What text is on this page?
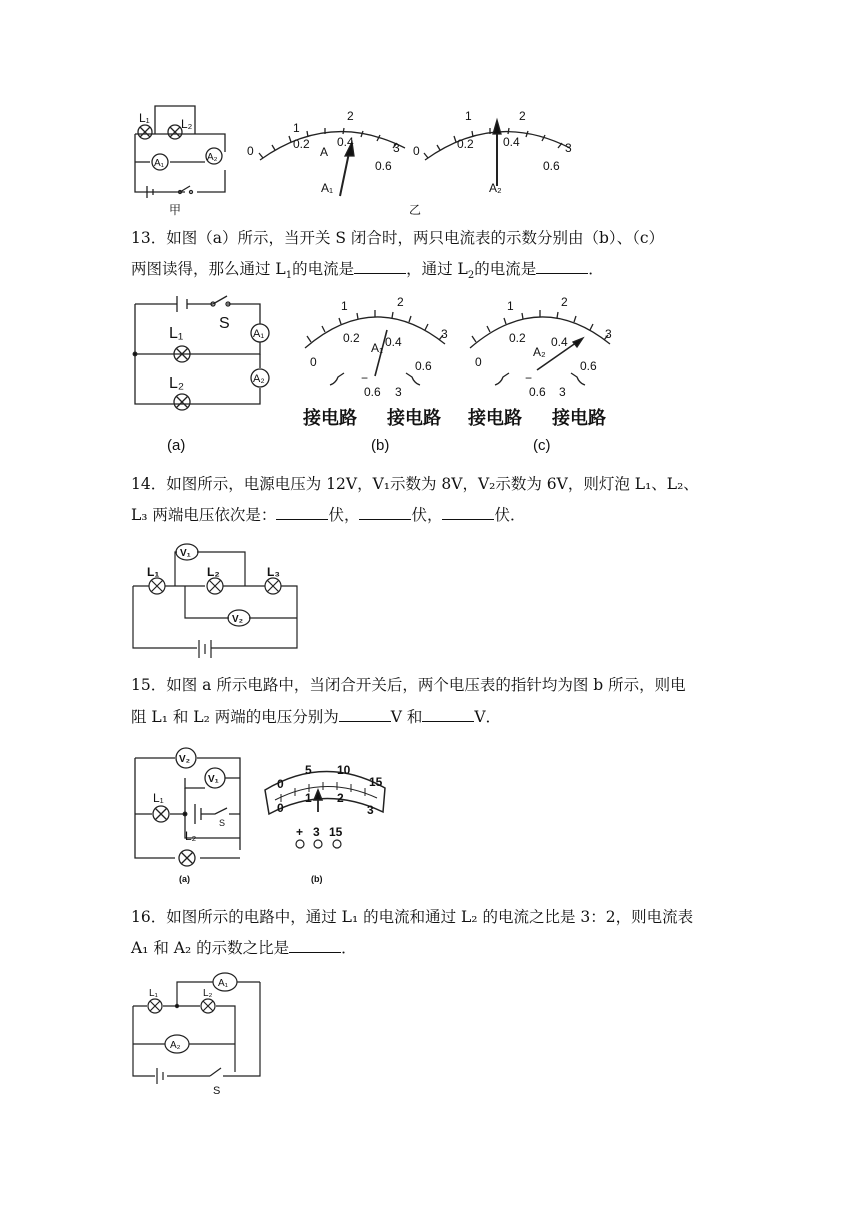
L₁	L₂
A₁
A₂
甲
0
1
2
3
0.2 0.4
0.6
A
A₁
乙
0
1	2
3
0.2 0.4
0.6
A₂
13．如图（a）所示，当开关 S 闭合时，两只电流表的示数分别由（b）、（c）
两图读得，那么通过 $L_1$的电流是	，通过 $L_2$的电流是	．
L₁
L₂
S
A₁
A₂
(a)
0
1	2
3
0.2 0.4
0.6
A₁
−
0.6 3
接电路 接电路
(b)
0
1	2
3
0.2 0.4
0.6
A₂
−
0.6 3
接电路 接电路
(c)
14．如图所示，电源电压为 12V，V₁示数为 8V，V₂示数为 6V，则灯泡 L₁、L₂、
L₃ 两端电压依次是：	伏，	伏，	伏．
L₁	L₂	L₃
V₁
V₂
15．如图 a 所示电路中，当闭合开关后，两个电压表的指针均为图 b 所示，则电
阻 L₁ 和 L₂ 两端的电压分别为	V 和	V．
V₂
V₁
L₁
L₂
S
(a)
0
5 10
15
0
1 2
3
+ 3 15
(b)
16．如图所示的电路中，通过 L₁ 的电流和通过 L₂ 的电流之比是 3：2，则电流表
A₁ 和 A₂ 的示数之比是	．
L₁	L₂
A₁
A₂
S
